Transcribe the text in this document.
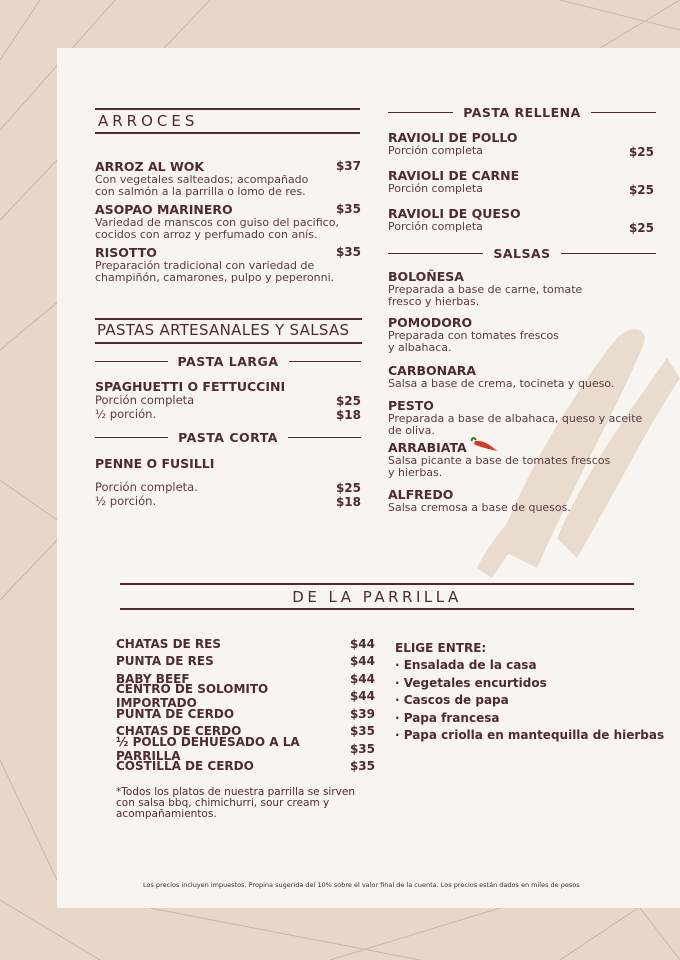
ARROCES
ARROZ AL WOK	$37
Con vegetales salteados; acompañado
con salmón a la parrilla o lomo de res.
ASOPAO MARINERO	$35
Variedad de manscos con guiso del pacifico,
cocidos con arroz y perfumado con anís.
RISOTTO	$35
Preparación tradicional con variedad de
champiñón, camarones, pulpo y peperonni.
PASTAS ARTESANALES Y SALSAS
PASTA LARGA
SPAGHUETTI O FETTUCCINI
Porción completa	$25
½ porción.	$18
PASTA CORTA
PENNE O FUSILLI
Porción completa.	$25
½ porción.	$18
PASTA RELLENA
RAVIOLI DE POLLO
Porción completa	$25
RAVIOLI DE CARNE
Porción completa	$25
RAVIOLI DE QUESO
Porción completa	$25
SALSAS
BOLOÑESA
Preparada a base de carne, tomate
fresco y hierbas.
POMODORO
Preparada con tomates frescos
y albahaca.
CARBONARA
Salsa a base de crema, tocineta y queso.
PESTO
Preparada a base de albahaca, queso y aceite
de oliva.
ARRABIATA
Salsa picante a base de tomates frescos
y hierbas.
ALFREDO
Salsa cremosa a base de quesos.
DE LA PARRILLA
CHATAS DE RES	$44
PUNTA DE RES	$44
BABY BEEF	$44
CENTRO DE SOLOMITO IMPORTADO	$44
PUNTA DE CERDO	$39
CHATAS DE CERDO	$35
½ POLLO DEHUESADO A LA PARRILLA	$35
COSTILLA DE CERDO	$35
*Todos los platos de nuestra parrilla se sirven
con salsa bbq, chimichurri, sour cream y
acompañamientos.
ELIGE ENTRE:
· Ensalada de la casa
· Vegetales encurtidos
· Cascos de papa
· Papa francesa
· Papa criolla en mantequilla de hierbas
Los precios incluyen impuestos. Propina sugerida del 10% sobre el valor final de la cuenta. Los precios están dados en miles de pesos
